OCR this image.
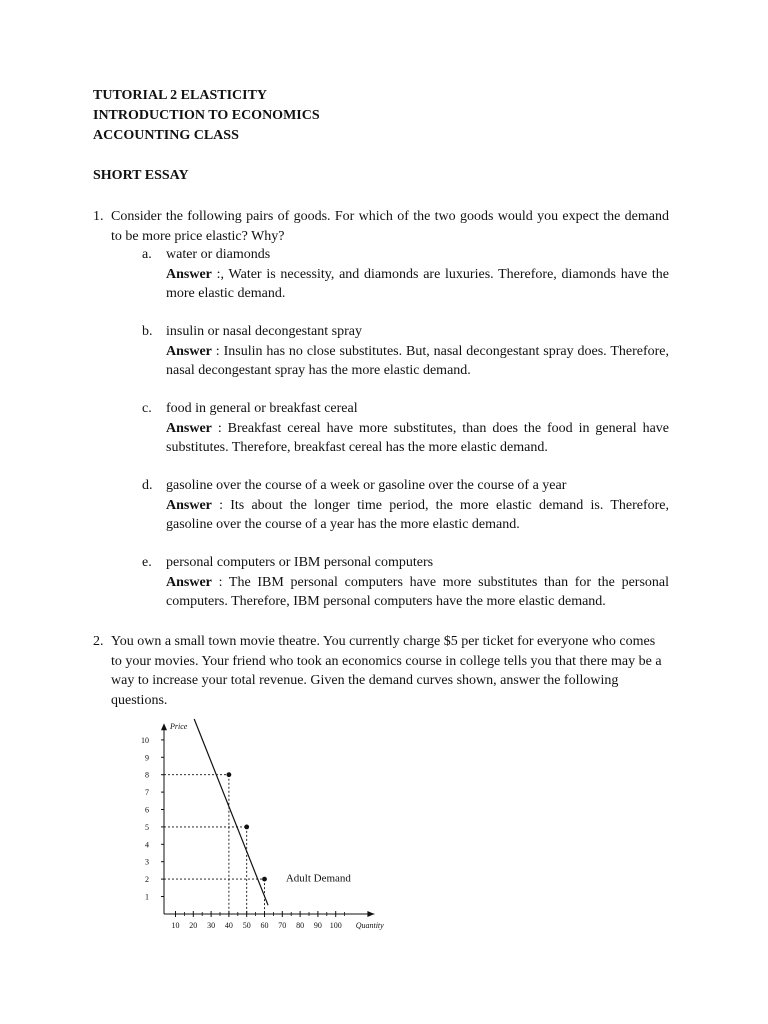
TUTORIAL 2 ELASTICITY
INTRODUCTION TO ECONOMICS
ACCOUNTING CLASS
SHORT ESSAY
1. Consider the following pairs of goods. For which of the two goods would you expect the demand to be more price elastic? Why?
a. water or diamonds
Answer :, Water is necessity, and diamonds are luxuries. Therefore, diamonds have the more elastic demand.
b. insulin or nasal decongestant spray
Answer : Insulin has no close substitutes. But, nasal decongestant spray does. Therefore, nasal decongestant spray has the more elastic demand.
c. food in general or breakfast cereal
Answer : Breakfast cereal have more substitutes, than does the food in general have substitutes. Therefore, breakfast cereal has the more elastic demand.
d. gasoline over the course of a week or gasoline over the course of a year
Answer : Its about the longer time period, the more elastic demand is. Therefore, gasoline over the course of a year has the more elastic demand.
e. personal computers or IBM personal computers
Answer : The IBM personal computers have more substitutes than for the personal computers. Therefore, IBM personal computers have the more elastic demand.
2. You own a small town movie theatre. You currently charge $5 per ticket for everyone who comes to your movies. Your friend who took an economics course in college tells you that there may be a way to increase your total revenue. Given the demand curves shown, answer the following questions.
1
2
3
4
5
6
7
8
9
10
10 20 30 40 50 60 70 80 90 100
Price
Quantity
Adult Demand
